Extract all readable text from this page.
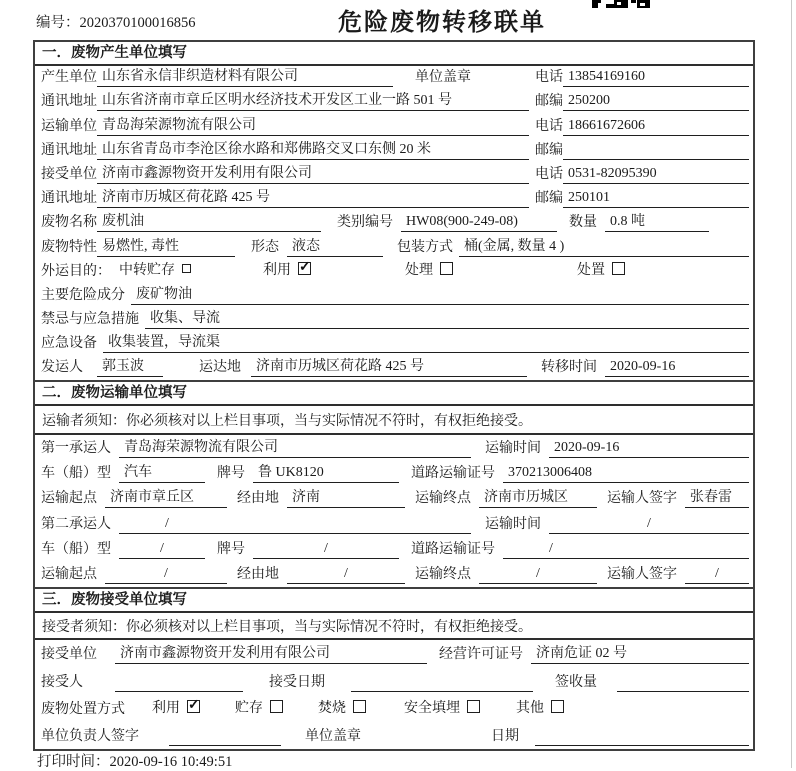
编号：2020370100016856	危险废物转移联单
一．废物产生单位填写
产生单位 山东省永信非织造材料有限公司	单位盖章	电话 13854169160
通讯地址 山东省济南市章丘区明水经济技术开发区工业一路 501 号	邮编 250200
运输单位 青岛海荣源物流有限公司	电话 18661672606
通讯地址 山东省青岛市李沧区徐水路和郑佛路交叉口东侧 20 米	邮编
接受单位 济南市鑫源物资开发利用有限公司	电话 0531-82095390
通讯地址 济南市历城区荷花路 425 号	邮编 250101
废物名称 废机油	类别编号 HW08(900-249-08)	数量 0.8 吨
废物特性 易燃性, 毒性	形态 液态	包装方式 桶(金属, 数量 4 )
外运目的： 中转贮存	利用 ✓	处理	处置
主要危险成分 废矿物油
禁忌与应急措施 收集、导流
应急设备 收集装置，导流渠
发运人	郭玉波	运达地	济南市历城区荷花路 425 号	转移时间 2020-09-16
二．废物运输单位填写
运输者须知：你必须核对以上栏目事项，当与实际情况不符时，有权拒绝接受。
第一承运人 青岛海荣源物流有限公司	运输时间 2020-09-16
车（船）型 汽车	牌号 鲁 UK8120	道路运输证号 370213006408
运输起点 济南市章丘区	经由地 济南	运输终点 济南市历城区	运输人签字 张春雷
第二承运人	/	运输时间	/
车（船）型	/	牌号	/	道路运输证号	/
运输起点	/	经由地	/	运输终点	/	运输人签字	/
三．废物接受单位填写
接受者须知：你必须核对以上栏目事项，当与实际情况不符时，有权拒绝接受。
接受单位	济南市鑫源物资开发利用有限公司	经营许可证号 济南危证 02 号
接受人	接受日期	签收量
废物处置方式 利用 ✓	贮存	焚烧	安全填埋	其他
单位负责人签字	单位盖章	日期
打印时间：2020-09-16 10:49:51
